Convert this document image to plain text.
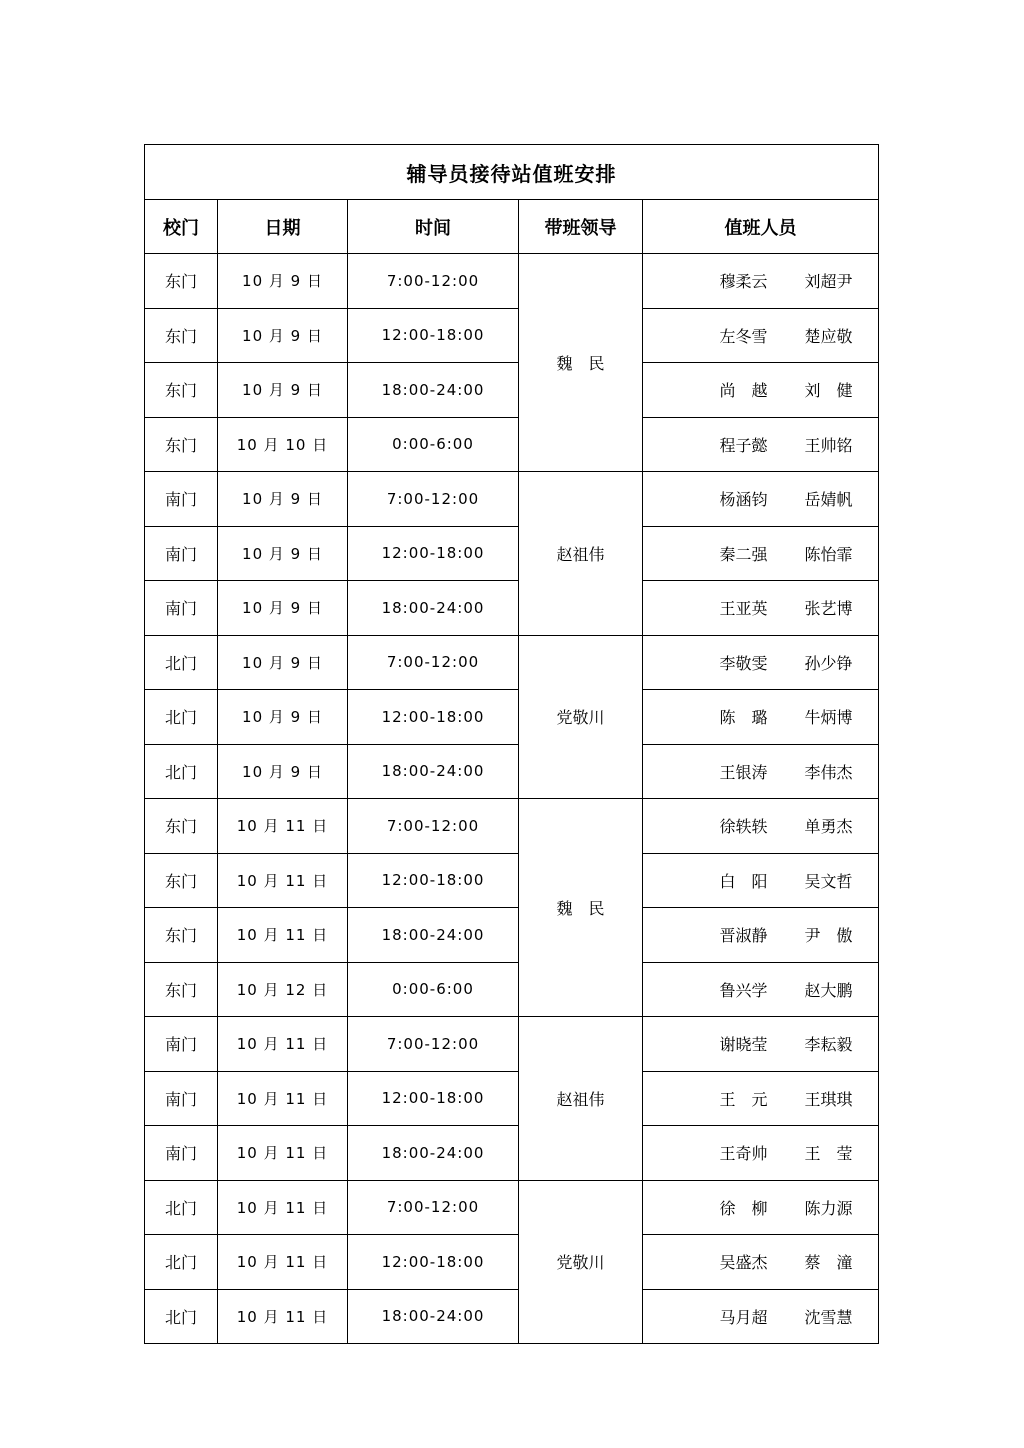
辅导员接待站值班安排				
校门	日期	时间	带班领导	值班人员
东门	10 月 9 日	7:00-12:00	魏　民	穆柔云 刘超尹
东门	10 月 9 日	12:00-18:00		左冬雪 楚应敬
东门	10 月 9 日	18:00-24:00		尚　越 刘　健
东门	10 月 10 日	0:00-6:00		程子懿 王帅铭
南门	10 月 9 日	7:00-12:00	赵祖伟	杨涵钧 岳婧帆
南门	10 月 9 日	12:00-18:00		秦二强 陈怡霏
南门	10 月 9 日	18:00-24:00		王亚英 张艺博
北门	10 月 9 日	7:00-12:00	党敬川	李敬雯 孙少铮
北门	10 月 9 日	12:00-18:00		陈　璐 牛炳博
北门	10 月 9 日	18:00-24:00		王银涛 李伟杰
东门	10 月 11 日	7:00-12:00	魏　民	徐轶轶 单勇杰
东门	10 月 11 日	12:00-18:00		白　阳 吴文哲
东门	10 月 11 日	18:00-24:00		晋淑静 尹　傲
东门	10 月 12 日	0:00-6:00		鲁兴学 赵大鹏
南门	10 月 11 日	7:00-12:00	赵祖伟	谢晓莹 李耘毅
南门	10 月 11 日	12:00-18:00		王　元 王琪琪
南门	10 月 11 日	18:00-24:00		王奇帅 王　莹
北门	10 月 11 日	7:00-12:00	党敬川	徐　柳 陈力源
北门	10 月 11 日	12:00-18:00		吴盛杰 蔡　潼
北门	10 月 11 日	18:00-24:00		马月超 沈雪慧
